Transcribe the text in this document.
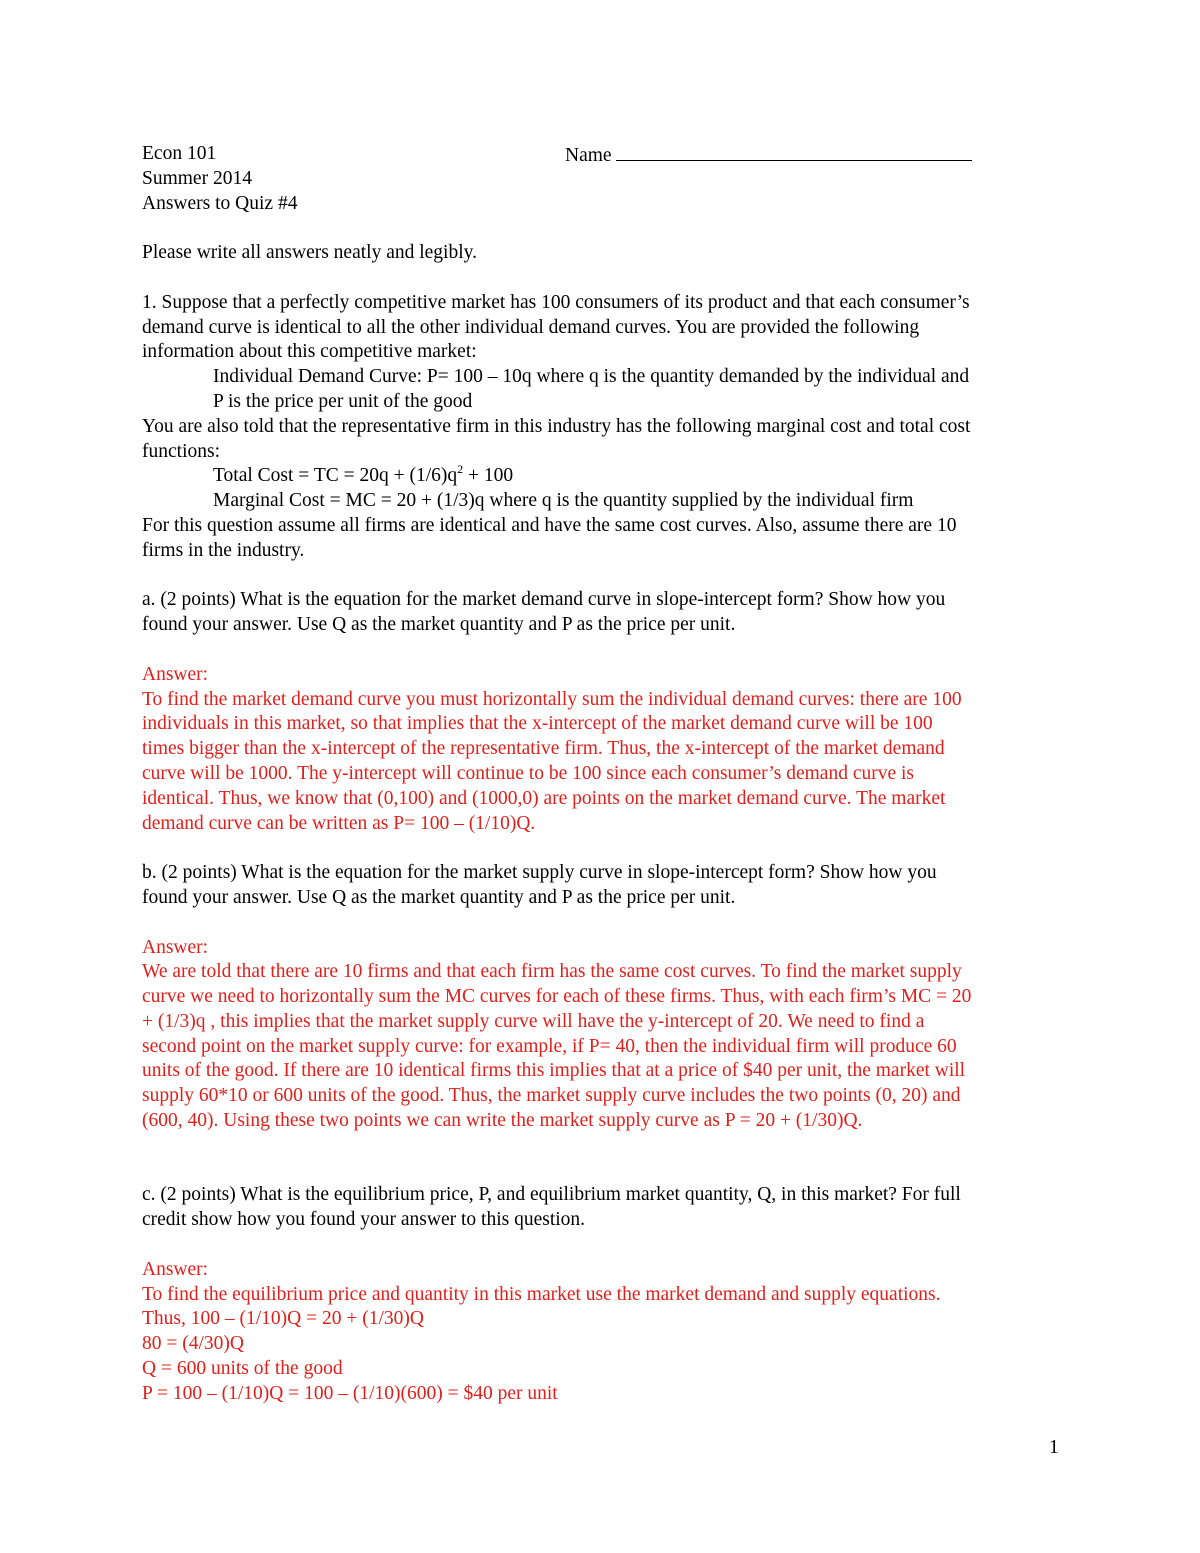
Econ 101	Name
Summer 2014
Answers to Quiz #4
Please write all answers neatly and legibly.
1. Suppose that a perfectly competitive market has 100 consumers of its product and that each consumer’s
demand curve is identical to all the other individual demand curves. You are provided the following
information about this competitive market:
Individual Demand Curve: P= 100 – 10q where q is the quantity demanded by the individual and
P is the price per unit of the good
You are also told that the representative firm in this industry has the following marginal cost and total cost
functions:
Total Cost = TC = $20q + (1/6)q^2 + 100$
Marginal Cost = MC = 20 + (1/3)q where q is the quantity supplied by the individual firm
For this question assume all firms are identical and have the same cost curves. Also, assume there are 10
firms in the industry.
a. (2 points) What is the equation for the market demand curve in slope-intercept form? Show how you
found your answer. Use Q as the market quantity and P as the price per unit.
Answer:
To find the market demand curve you must horizontally sum the individual demand curves: there are 100
individuals in this market, so that implies that the x-intercept of the market demand curve will be 100
times bigger than the x-intercept of the representative firm. Thus, the x-intercept of the market demand
curve will be 1000. The y-intercept will continue to be 100 since each consumer’s demand curve is
identical. Thus, we know that (0,100) and (1000,0) are points on the market demand curve. The market
demand curve can be written as P= 100 – (1/10)Q.
b. (2 points) What is the equation for the market supply curve in slope-intercept form? Show how you
found your answer. Use Q as the market quantity and P as the price per unit.
Answer:
We are told that there are 10 firms and that each firm has the same cost curves. To find the market supply
curve we need to horizontally sum the MC curves for each of these firms. Thus, with each firm’s MC = 20
+ (1/3)q , this implies that the market supply curve will have the y-intercept of 20. We need to find a
second point on the market supply curve: for example, if P= 40, then the individual firm will produce 60
units of the good. If there are 10 identical firms this implies that at a price of $40 per unit, the market will
supply 60*10 or 600 units of the good. Thus, the market supply curve includes the two points (0, 20) and
(600, 40). Using these two points we can write the market supply curve as P = 20 + (1/30)Q.
c. (2 points) What is the equilibrium price, P, and equilibrium market quantity, Q, in this market? For full
credit show how you found your answer to this question.
Answer:
To find the equilibrium price and quantity in this market use the market demand and supply equations.
Thus, 100 – (1/10)Q = 20 + (1/30)Q
80 = (4/30)Q
Q = 600 units of the good
P = 100 – (1/10)Q = 100 – (1/10)(600) = $40 per unit
1
